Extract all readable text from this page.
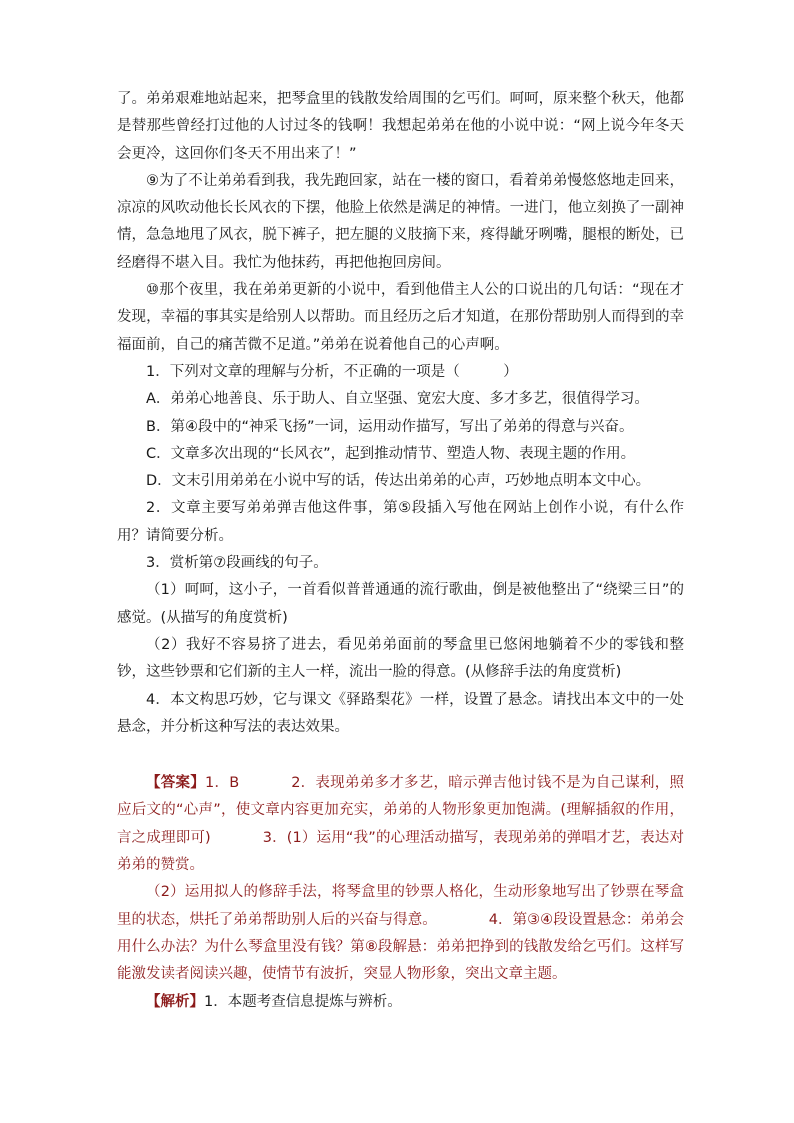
了。弟弟艰难地站起来，把琴盒里的钱散发给周围的乞丐们。呵呵，原来整个秋天，他都是替那些曾经打过他的人讨过冬的钱啊！我想起弟弟在他的小说中说：“网上说今年冬天会更冷，这回你们冬天不用出来了！”

⑨为了不让弟弟看到我，我先跑回家，站在一楼的窗口，看着弟弟慢悠悠地走回来，凉凉的风吹动他长长风衣的下摆，他脸上依然是满足的神情。一进门，他立刻换了一副神情，急急地甩了风衣，脱下裤子，把左腿的义肢摘下来，疼得龇牙咧嘴，腿根的断处，已经磨得不堪入目。我忙为他抹药，再把他抱回房间。

⑩那个夜里，我在弟弟更新的小说中，看到他借主人公的口说出的几句话：“现在才发现，幸福的事其实是给别人以帮助。而且经历之后才知道，在那份帮助别人而得到的幸福面前，自己的痛苦微不足道。”弟弟在说着他自己的心声啊。

1．下列对文章的理解与分析，不正确的一项是（　　　）

A．弟弟心地善良、乐于助人、自立坚强、宽宏大度、多才多艺，很值得学习。

B．第④段中的“神采飞扬”一词，运用动作描写，写出了弟弟的得意与兴奋。

C．文章多次出现的“长风衣”，起到推动情节、塑造人物、表现主题的作用。

D．文末引用弟弟在小说中写的话，传达出弟弟的心声，巧妙地点明本文中心。

2．文章主要写弟弟弹吉他这件事，第⑤段插入写他在网站上创作小说，有什么作用？请简要分析。

3．赏析第⑦段画线的句子。

（1）呵呵，这小子，一首看似普普通通的流行歌曲，倒是被他整出了“绕梁三日”的感觉。(从描写的角度赏析)

（2）我好不容易挤了进去，看见弟弟面前的琴盒里已悠闲地躺着不少的零钱和整钞，这些钞票和它们新的主人一样，流出一脸的得意。(从修辞手法的角度赏析)

4．本文构思巧妙，它与课文《驿路梨花》一样，设置了悬念。请找出本文中的一处悬念，并分析这种写法的表达效果。

【答案】1．B	2．表现弟弟多才多艺，暗示弹吉他讨钱不是为自己谋利，照应后文的“心声”，使文章内容更加充实，弟弟的人物形象更加饱满。(理解插叙的作用，言之成理即可)	3．(1）运用“我”的心理活动描写，表现弟弟的弹唱才艺，表达对弟弟的赞赏。

（2）运用拟人的修辞手法，将琴盒里的钞票人格化，生动形象地写出了钞票在琴盒里的状态，烘托了弟弟帮助别人后的兴奋与得意。	4．第③④段设置悬念：弟弟会用什么办法？为什么琴盒里没有钱？第⑧段解悬：弟弟把挣到的钱散发给乞丐们。这样写能激发读者阅读兴趣，使情节有波折，突显人物形象，突出文章主题。

【解析】1．本题考查信息提炼与辨析。
